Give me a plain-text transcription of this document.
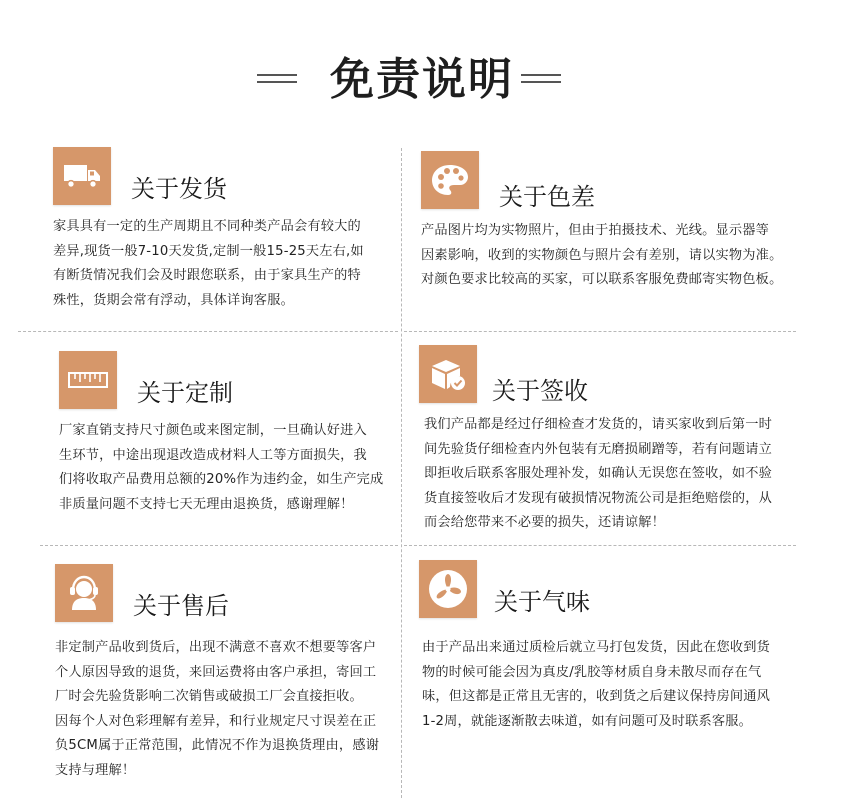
免责说明
关于发货
家具具有一定的生产周期且不同种类产品会有较大的
差异,现货一般7-10天发货,定制一般15-25天左右,如
有断货情况我们会及时跟您联系，由于家具生产的特
殊性，货期会常有浮动，具体详询客服。
关于色差
产品图片均为实物照片，但由于拍摄技术、光线。显示器等
因素影响，收到的实物颜色与照片会有差别，请以实物为准。
对颜色要求比较高的买家，可以联系客服免费邮寄实物色板。
关于定制
厂家直销支持尺寸颜色或来图定制，一旦确认好进入
生环节，中途出现退改造成材料人工等方面损失，我
们将收取产品费用总额的20%作为违约金，如生产完成
非质量问题不支持七天无理由退换货，感谢理解！
关于签收
我们产品都是经过仔细检查才发货的，请买家收到后第一时
间先验货仔细检查内外包装有无磨损刷蹭等，若有问题请立
即拒收后联系客服处理补发，如确认无误您在签收，如不验
货直接签收后才发现有破损情况物流公司是拒绝赔偿的，从
而会给您带来不必要的损失，还请谅解！
关于售后
非定制产品收到货后，出现不满意不喜欢不想要等客户
个人原因导致的退货，来回运费将由客户承担，寄回工
厂时会先验货影响二次销售或破损工厂会直接拒收。
因每个人对色彩理解有差异，和行业规定尺寸误差在正
负5CM属于正常范围，此情况不作为退换货理由，感谢
支持与理解！
关于气味
由于产品出来通过质检后就立马打包发货，因此在您收到货
物的时候可能会因为真皮/乳胶等材质自身未散尽而存在气
味，但这都是正常且无害的，收到货之后建议保持房间通风
1-2周，就能逐渐散去味道，如有问题可及时联系客服。
